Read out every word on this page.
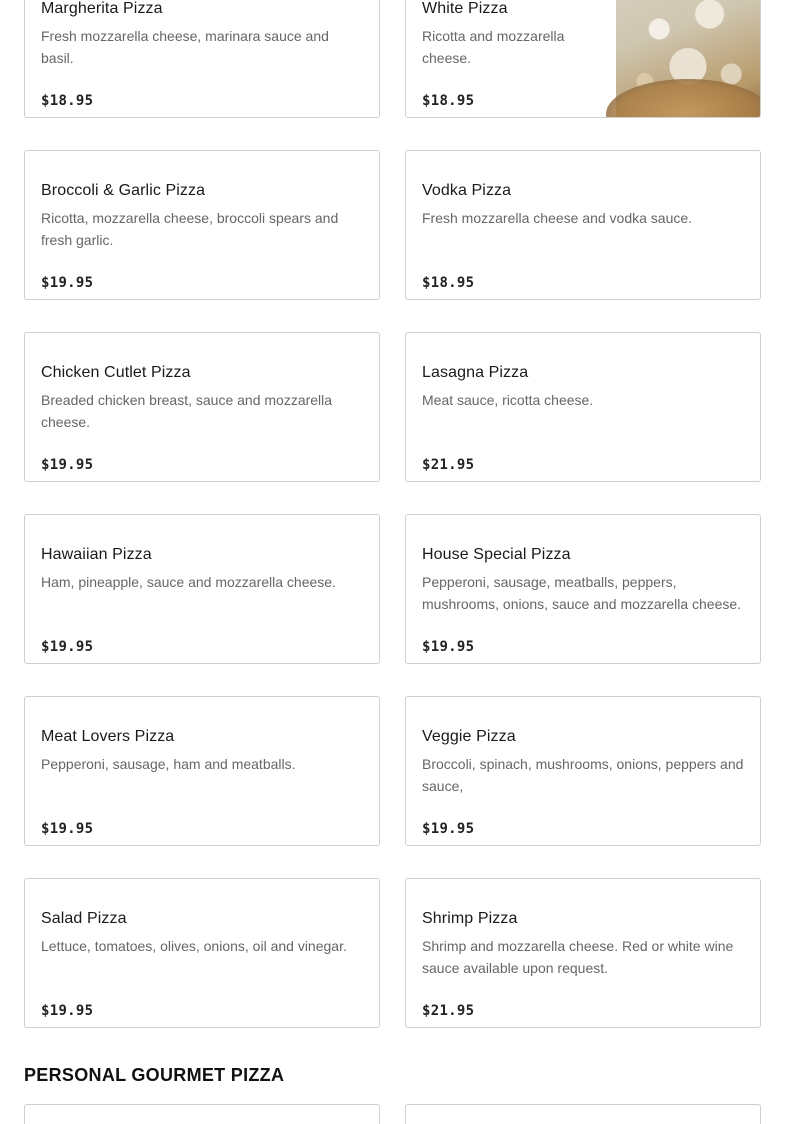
Margherita Pizza
Fresh mozzarella cheese, marinara sauce and basil.
$18.95
White Pizza
Ricotta and mozzarella cheese.
$18.95
Broccoli & Garlic Pizza
Ricotta, mozzarella cheese, broccoli spears and fresh garlic.
$19.95
Vodka Pizza
Fresh mozzarella cheese and vodka sauce.
$18.95
Chicken Cutlet Pizza
Breaded chicken breast, sauce and mozzarella cheese.
$19.95
Lasagna Pizza
Meat sauce, ricotta cheese.
$21.95
Hawaiian Pizza
Ham, pineapple, sauce and mozzarella cheese.
$19.95
House Special Pizza
Pepperoni, sausage, meatballs, peppers, mushrooms, onions, sauce and mozzarella cheese.
$19.95
Meat Lovers Pizza
Pepperoni, sausage, ham and meatballs.
$19.95
Veggie Pizza
Broccoli, spinach, mushrooms, onions, peppers and sauce,
$19.95
Salad Pizza
Lettuce, tomatoes, olives, onions, oil and vinegar.
$19.95
Shrimp Pizza
Shrimp and mozzarella cheese. Red or white wine sauce available upon request.
$21.95
PERSONAL GOURMET PIZZA
